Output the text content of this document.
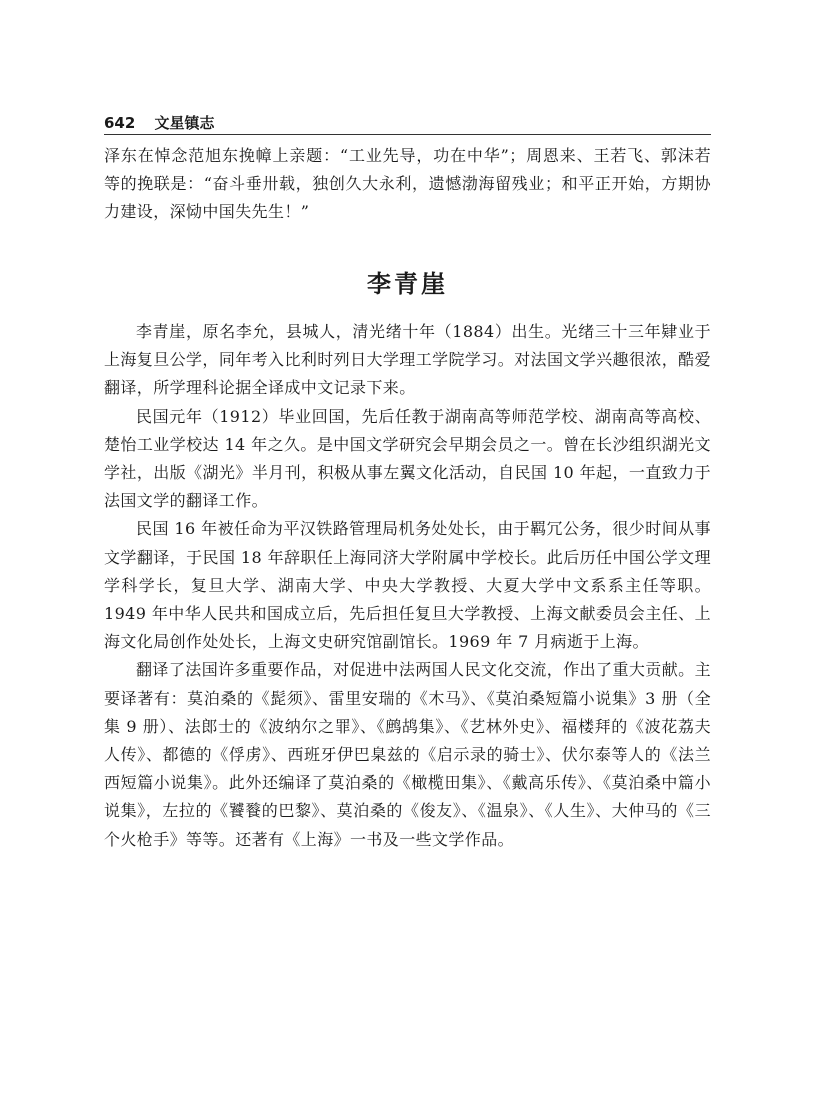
642 文星镇志

泽东在悼念范旭东挽幛上亲题：“工业先导，功在中华”；周恩来、王若飞、郭沫若等的挽联是：“奋斗垂卅载，独创久大永利，遗憾渤海留残业；和平正开始，方期协力建设，深恸中国失先生！”

李青崖

李青崖，原名李允，县城人，清光绪十年（1884）出生。光绪三十三年肄业于上海复旦公学，同年考入比利时列日大学理工学院学习。对法国文学兴趣很浓，酷爱翻译，所学理科论据全译成中文记录下来。

民国元年（1912）毕业回国，先后任教于湖南高等师范学校、湖南高等高校、楚怡工业学校达 14 年之久。是中国文学研究会早期会员之一。曾在长沙组织湖光文学社，出版《湖光》半月刊，积极从事左翼文化活动，自民国 10 年起，一直致力于法国文学的翻译工作。

民国 16 年被任命为平汉铁路管理局机务处处长，由于羁冗公务，很少时间从事文学翻译，于民国 18 年辞职任上海同济大学附属中学校长。此后历任中国公学文理学科学长，复旦大学、湖南大学、中央大学教授、大夏大学中文系系主任等职。1949 年中华人民共和国成立后，先后担任复旦大学教授、上海文献委员会主任、上海文化局创作处处长，上海文史研究馆副馆长。1969 年 7 月病逝于上海。

翻译了法国许多重要作品，对促进中法两国人民文化交流，作出了重大贡献。主要译著有：莫泊桑的《髭须》、雷里安瑞的《木马》、《莫泊桑短篇小说集》3 册（全集 9 册）、法郎士的《波纳尔之罪》、《鹧鸪集》、《艺林外史》、福楼拜的《波花荔夫人传》、都德的《俘虏》、西班牙伊巴臬兹的《启示录的骑士》、伏尔泰等人的《法兰西短篇小说集》。此外还编译了莫泊桑的《橄榄田集》、《戴高乐传》、《莫泊桑中篇小说集》，左拉的《饕餮的巴黎》、莫泊桑的《俊友》、《温泉》、《人生》、大仲马的《三个火枪手》等等。还著有《上海》一书及一些文学作品。
